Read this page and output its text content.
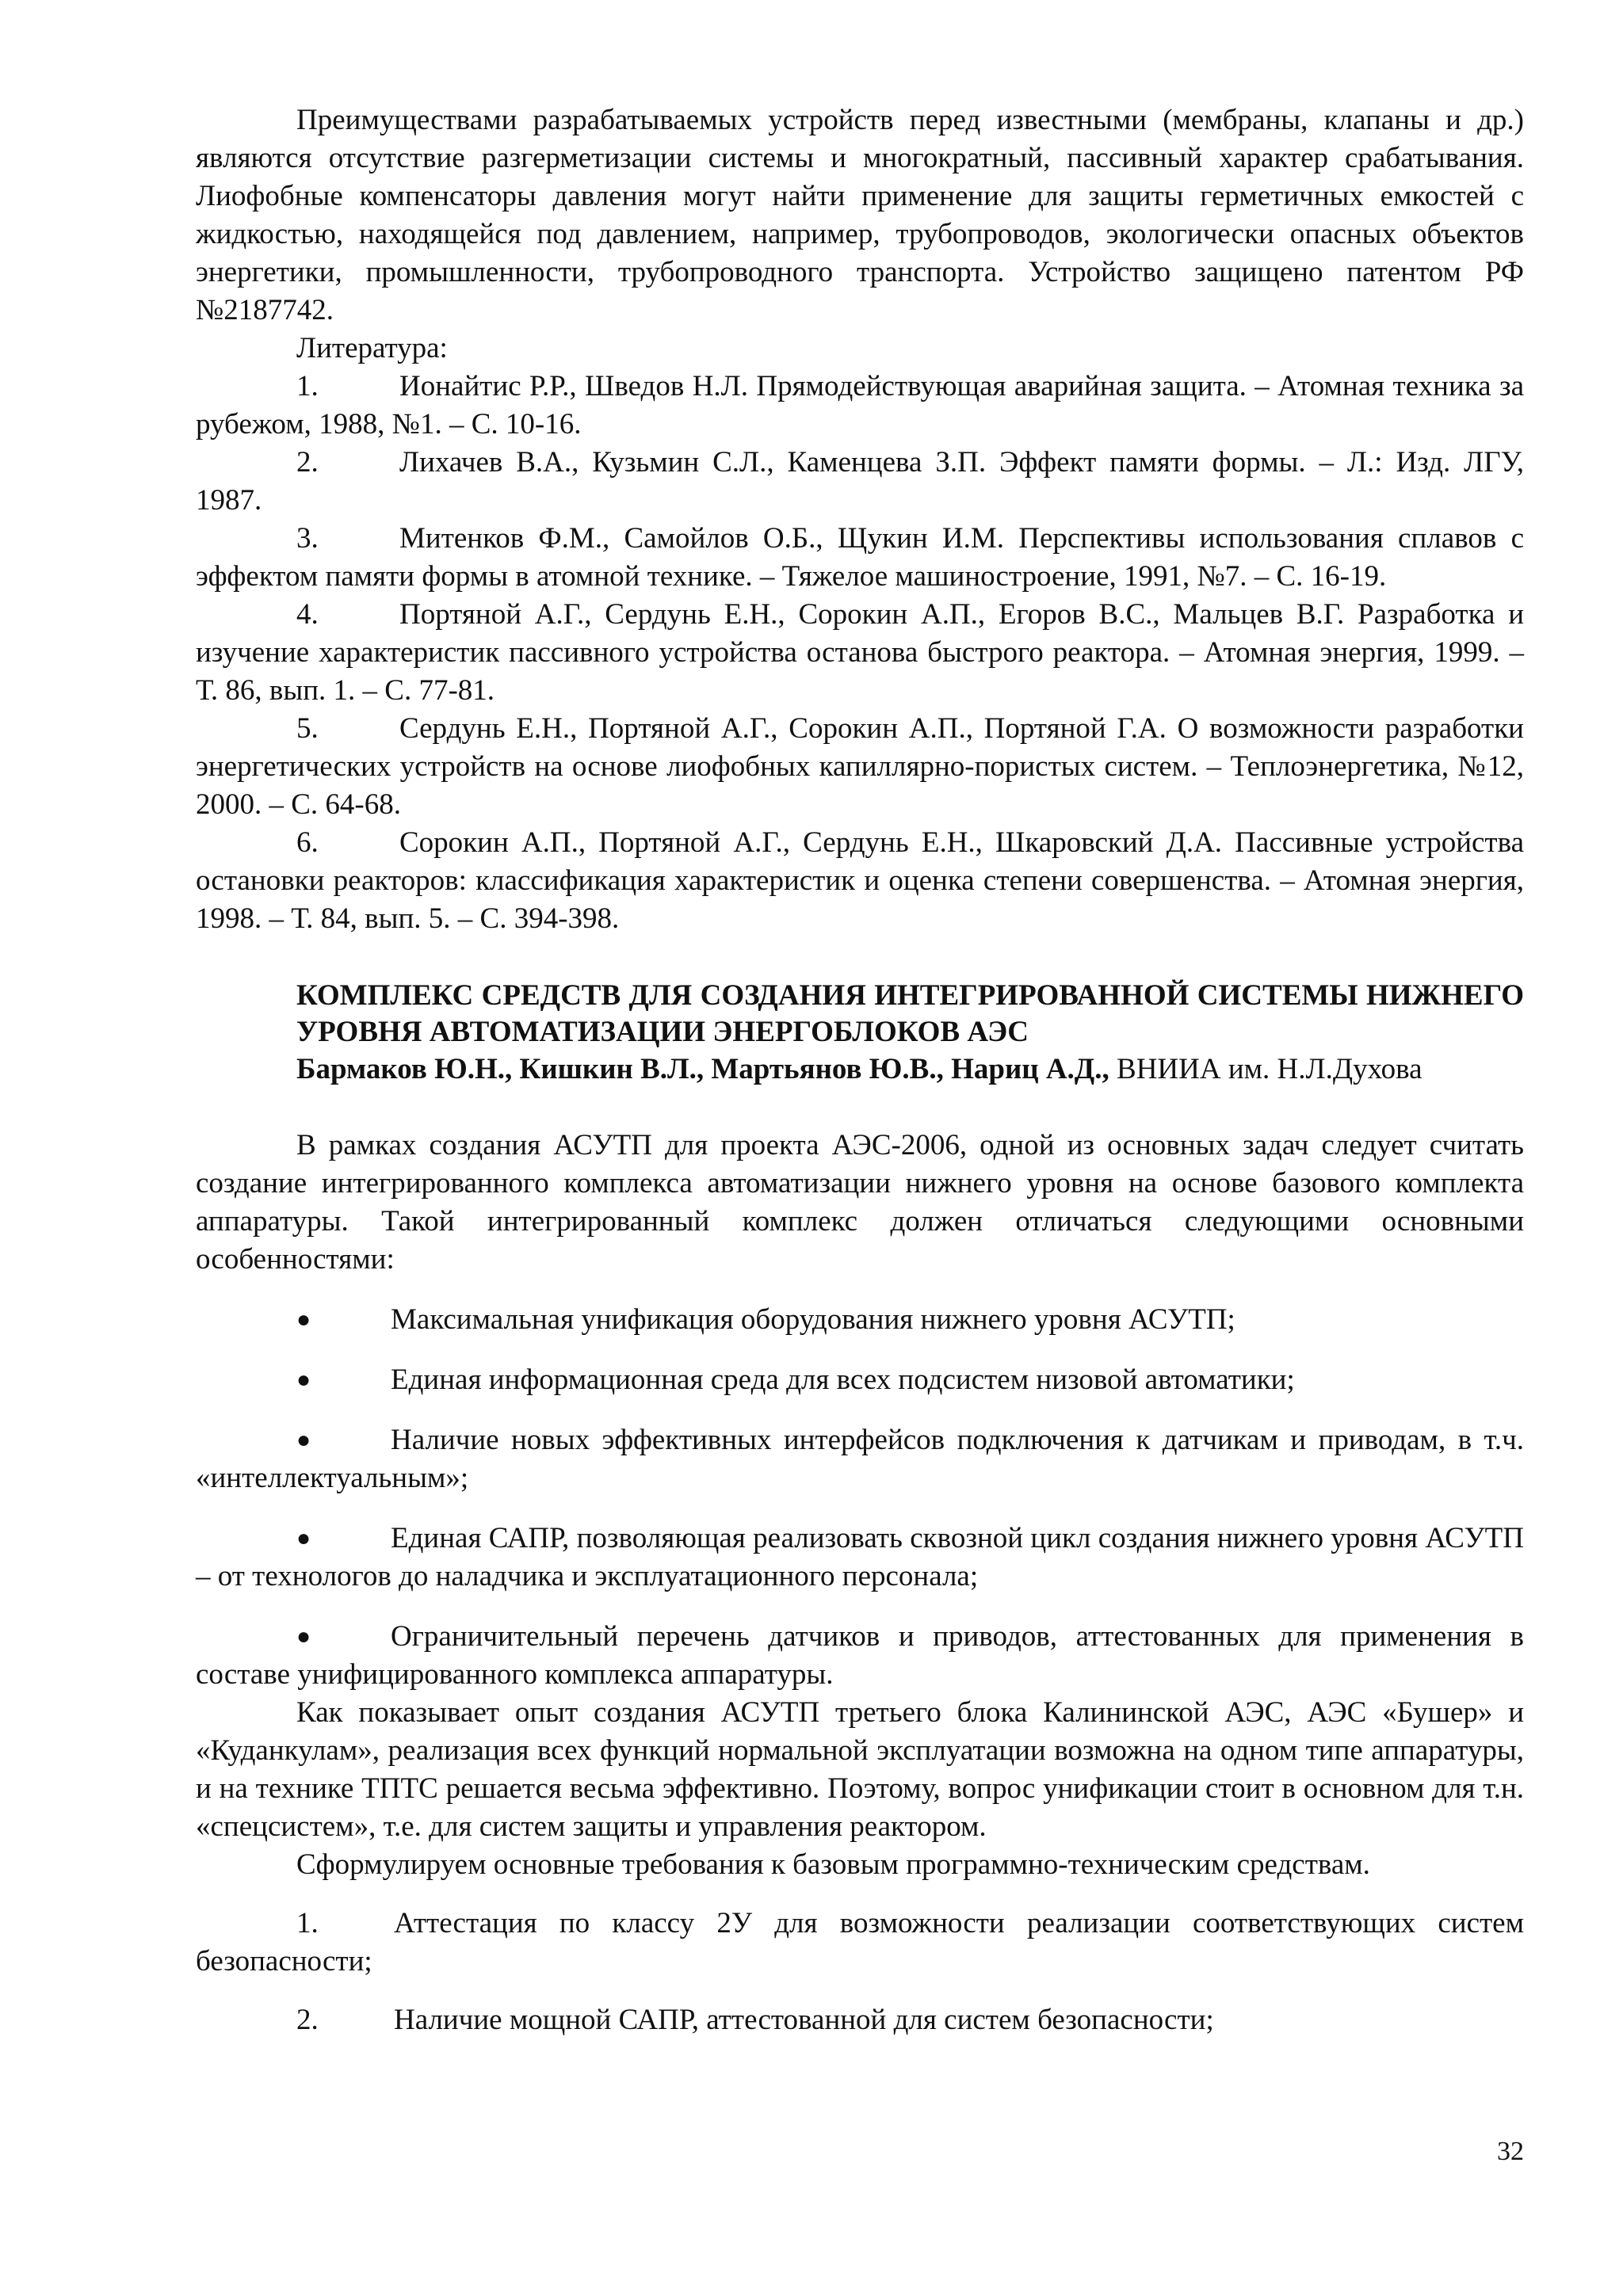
Преимуществами разрабатываемых устройств перед известными (мембраны, клапаны и др.) являются отсутствие разгерметизации системы и многократный, пассивный характер срабатывания. Лиофобные компенсаторы давления могут найти применение для защиты герметичных емкостей с жидкостью, находящейся под давлением, например, трубопроводов, экологически опасных объектов энергетики, промышленности, трубопроводного транспорта. Устройство защищено патентом РФ №2187742.

Литература:

1.	Ионайтис Р.Р., Шведов Н.Л. Прямодействующая аварийная защита. – Атомная техника за рубежом, 1988, №1. – С. 10-16.

2.	Лихачев В.А., Кузьмин С.Л., Каменцева З.П. Эффект памяти формы. – Л.: Изд. ЛГУ, 1987.

3.	Митенков Ф.М., Самойлов О.Б., Щукин И.М. Перспективы использования сплавов с эффектом памяти формы в атомной технике. – Тяжелое машиностроение, 1991, №7. – С. 16-19.

4.	Портяной А.Г., Сердунь Е.Н., Сорокин А.П., Егоров В.С., Мальцев В.Г. Разработка и изучение характеристик пассивного устройства останова быстрого реактора. – Атомная энергия, 1999. – Т. 86, вып. 1. – С. 77-81.

5.	Сердунь Е.Н., Портяной А.Г., Сорокин А.П., Портяной Г.А. О возможности разработки энергетических устройств на основе лиофобных капиллярно-пористых систем. – Теплоэнергетика, №12, 2000. – С. 64-68.

6.	Сорокин А.П., Портяной А.Г., Сердунь Е.Н., Шкаровский Д.А. Пассивные устройства остановки реакторов: классификация характеристик и оценка степени совершенства. – Атомная энергия, 1998. – Т. 84, вып. 5. – С. 394-398.

КОМПЛЕКС СРЕДСТВ ДЛЯ СОЗДАНИЯ ИНТЕГРИРОВАННОЙ СИСТЕМЫ НИЖНЕГО УРОВНЯ АВТОМАТИЗАЦИИ ЭНЕРГОБЛОКОВ АЭС

Бармаков Ю.Н., Кишкин В.Л., Мартьянов Ю.В., Нариц А.Д., ВНИИА им. Н.Л.Духова

В рамках создания АСУТП для проекта АЭС-2006, одной из основных задач следует считать создание интегрированного комплекса автоматизации нижнего уровня на основе базового комплекта аппаратуры. Такой интегрированный комплекс должен отличаться следующими основными особенностями:

●	Максимальная унификация оборудования нижнего уровня АСУТП;

●	Единая информационная среда для всех подсистем низовой автоматики;

●	Наличие новых эффективных интерфейсов подключения к датчикам и приводам, в т.ч. «интеллектуальным»;

●	Единая САПР, позволяющая реализовать сквозной цикл создания нижнего уровня АСУТП – от технологов до наладчика и эксплуатационного персонала;

●	Ограничительный перечень датчиков и приводов, аттестованных для применения в составе унифицированного комплекса аппаратуры.

Как показывает опыт создания АСУТП третьего блока Калининской АЭС, АЭС «Бушер» и «Куданкулам», реализация всех функций нормальной эксплуатации возможна на одном типе аппаратуры, и на технике ТПТС решается весьма эффективно. Поэтому, вопрос унификации стоит в основном для т.н. «спецсистем», т.е. для систем защиты и управления реактором.

Сформулируем основные требования к базовым программно-техническим средствам.

1.	Аттестация по классу 2У для возможности реализации соответствующих систем безопасности;

2.	Наличие мощной САПР, аттестованной для систем безопасности;

32
